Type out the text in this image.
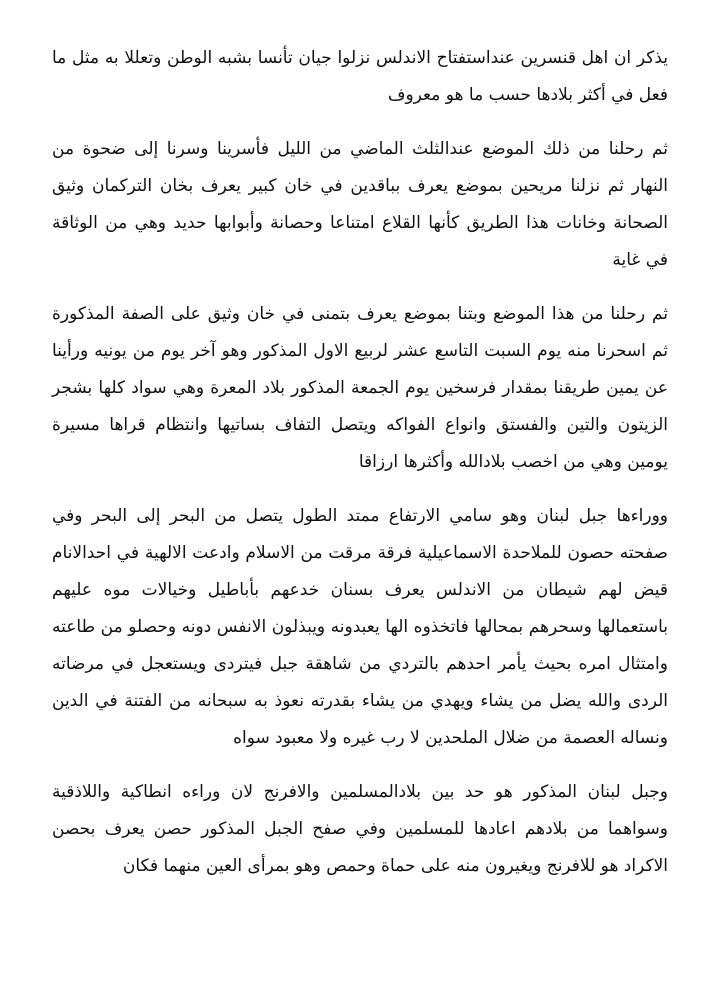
يذكر ان اهل قنسرين عنداستفتاح الاندلس نزلوا جيان تأنسا بشبه الوطن وتعللا به مثل ما فعل في أكثر بلادها حسب ما هو معروف

ثم رحلنا من ذلك الموضع عندالثلث الماضي من الليل فأسرينا وسرنا إلى ضحوة من النهار ثم نزلنا مريحين بموضع يعرف بباقدين في خان كبير يعرف بخان التركمان وثيق الصحانة وخانات هذا الطريق كأنها القلاع امتناعا وحصانة وأبوابها حديد وهي من الوثاقة في غاية

ثم رحلنا من هذا الموضع وبتنا بموضع يعرف بتمنى في خان وثيق على الصفة المذكورة ثم اسحرنا منه يوم السبت التاسع عشر لربيع الاول المذكور وهو آخر يوم من يونيه ورأينا عن يمين طريقنا بمقدار فرسخين يوم الجمعة المذكور بلاد المعرة وهي سواد كلها بشجر الزيتون والتين والفستق وانواع الفواكه ويتصل التفاف بساتيها وانتظام قراها مسيرة يومين وهي من اخصب بلادالله وأكثرها ارزاقا

ووراءها جبل لبنان وهو سامي الارتفاع ممتد الطول يتصل من البحر إلى البحر وفي صفحته حصون للملاحدة الاسماعيلية فرقة مرقت من الاسلام وادعت الالهية في احدالانام قيض لهم شيطان من الاندلس يعرف بسنان خدعهم بأباطيل وخيالات موه عليهم باستعمالها وسحرهم بمحالها فاتخذوه الها يعبدونه ويبذلون الانفس دونه وحصلو من طاعته وامتثال امره بحيث يأمر احدهم بالتردي من شاهقة جبل فيتردى ويستعجل في مرضاته الردى والله يضل من يشاء ويهدي من يشاء بقدرته نعوذ به سبحانه من الفتنة في الدين ونساله العصمة من ضلال الملحدين لا رب غيره ولا معبود سواه

وجبل لبنان المذكور هو حد بين بلادالمسلمين والافرنج لان وراءه انطاكية واللاذقية وسواهما من بلادهم اعادها للمسلمين وفي صفح الجبل المذكور حصن يعرف بحصن الاكراد هو للافرنج ويغيرون منه على حماة وحمص وهو بمرأى العين منهما فكان
